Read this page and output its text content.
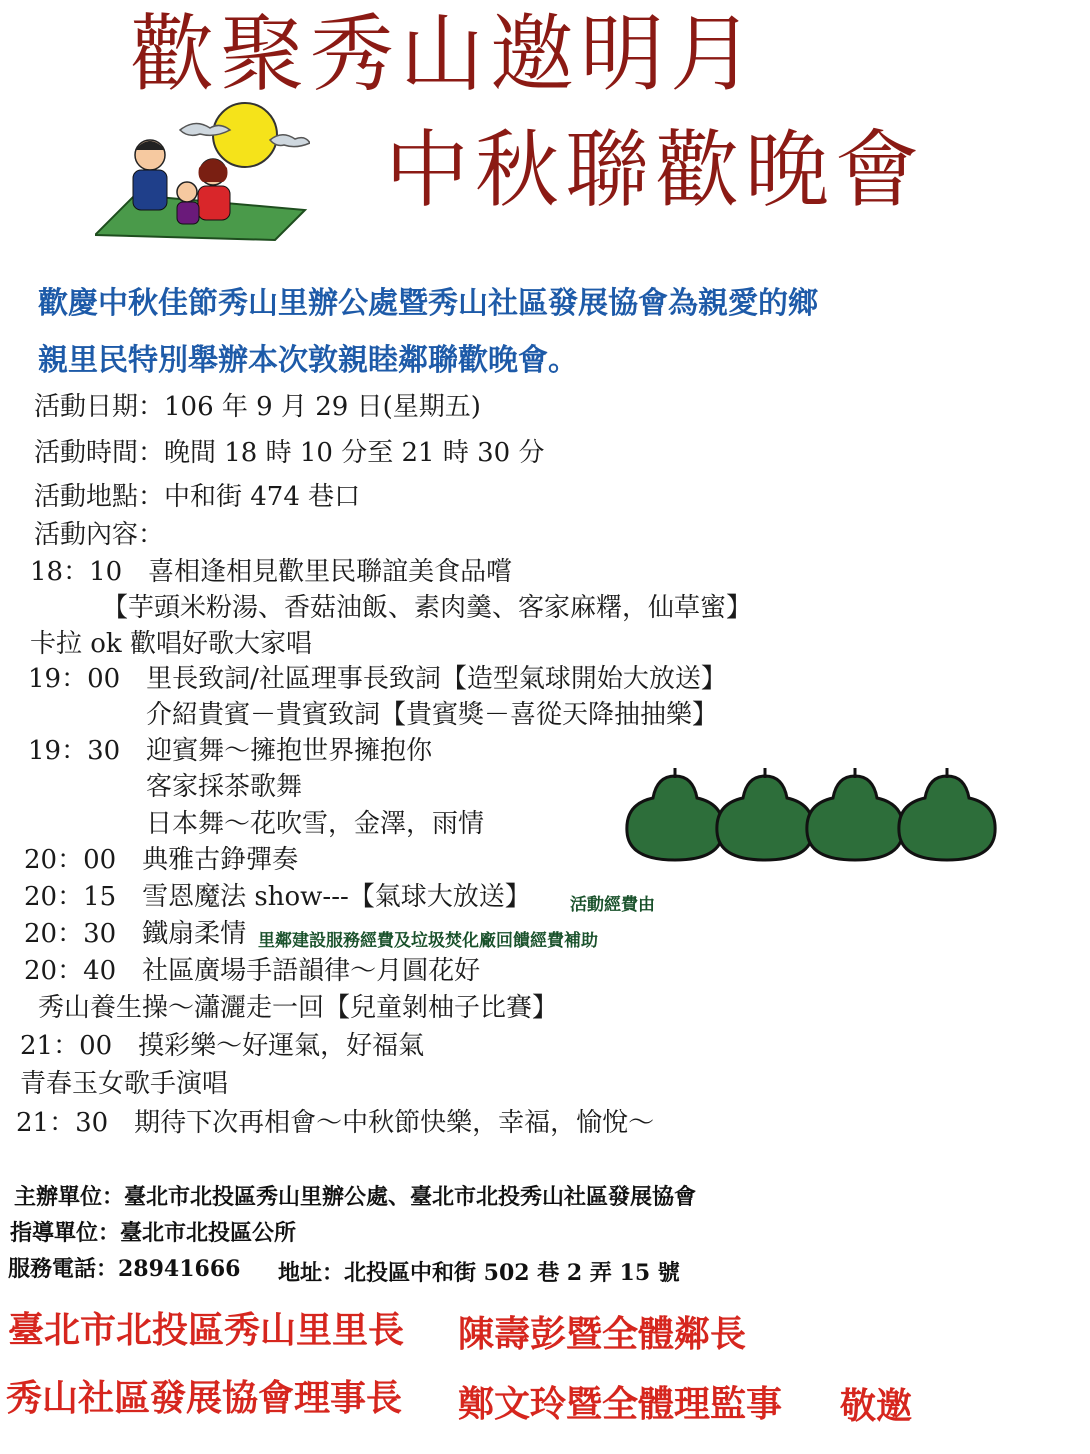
歡聚秀山邀明月
中秋聯歡晚會
歡慶中秋佳節秀山里辦公處暨秀山社區發展協會為親愛的鄉
親里民特別舉辦本次敦親睦鄰聯歡晚會。
活動日期：106 年 9 月 29 日(星期五)
活動時間：晚間 18 時 10 分至 21 時 30 分
活動地點：中和街 474 巷口
活動內容：
18：10　喜相逢相見歡里民聯誼美食品嚐
【芋頭米粉湯、香菇油飯、素肉羹、客家麻糬，仙草蜜】
卡拉 ok 歡唱好歌大家唱
19：00　里長致詞/社區理事長致詞【造型氣球開始大放送】
介紹貴賓－貴賓致詞【貴賓獎－喜從天降抽抽樂】
19：30　迎賓舞～擁抱世界擁抱你
客家採茶歌舞
日本舞～花吹雪，金澤，雨情
20：00　典雅古錚彈奏
20：15　雪恩魔法 show---【氣球大放送】 活動經費由
20：30　鐵扇柔情 里鄰建設服務經費及垃圾焚化廠回饋經費補助
20：40　社區廣場手語韻律～月圓花好
秀山養生操～瀟灑走一回【兒童剝柚子比賽】
21：00　摸彩樂～好運氣，好福氣
青春玉女歌手演唱
21：30　期待下次再相會～中秋節快樂，幸福，愉悅～
主辦單位：臺北市北投區秀山里辦公處、臺北市北投秀山社區發展協會
指導單位：臺北市北投區公所
服務電話：28941666 地址：北投區中和街 502 巷 2 弄 15 號
臺北市北投區秀山里里長 陳壽彭暨全體鄰長
秀山社區發展協會理事長 鄭文玲暨全體理監事 敬邀
